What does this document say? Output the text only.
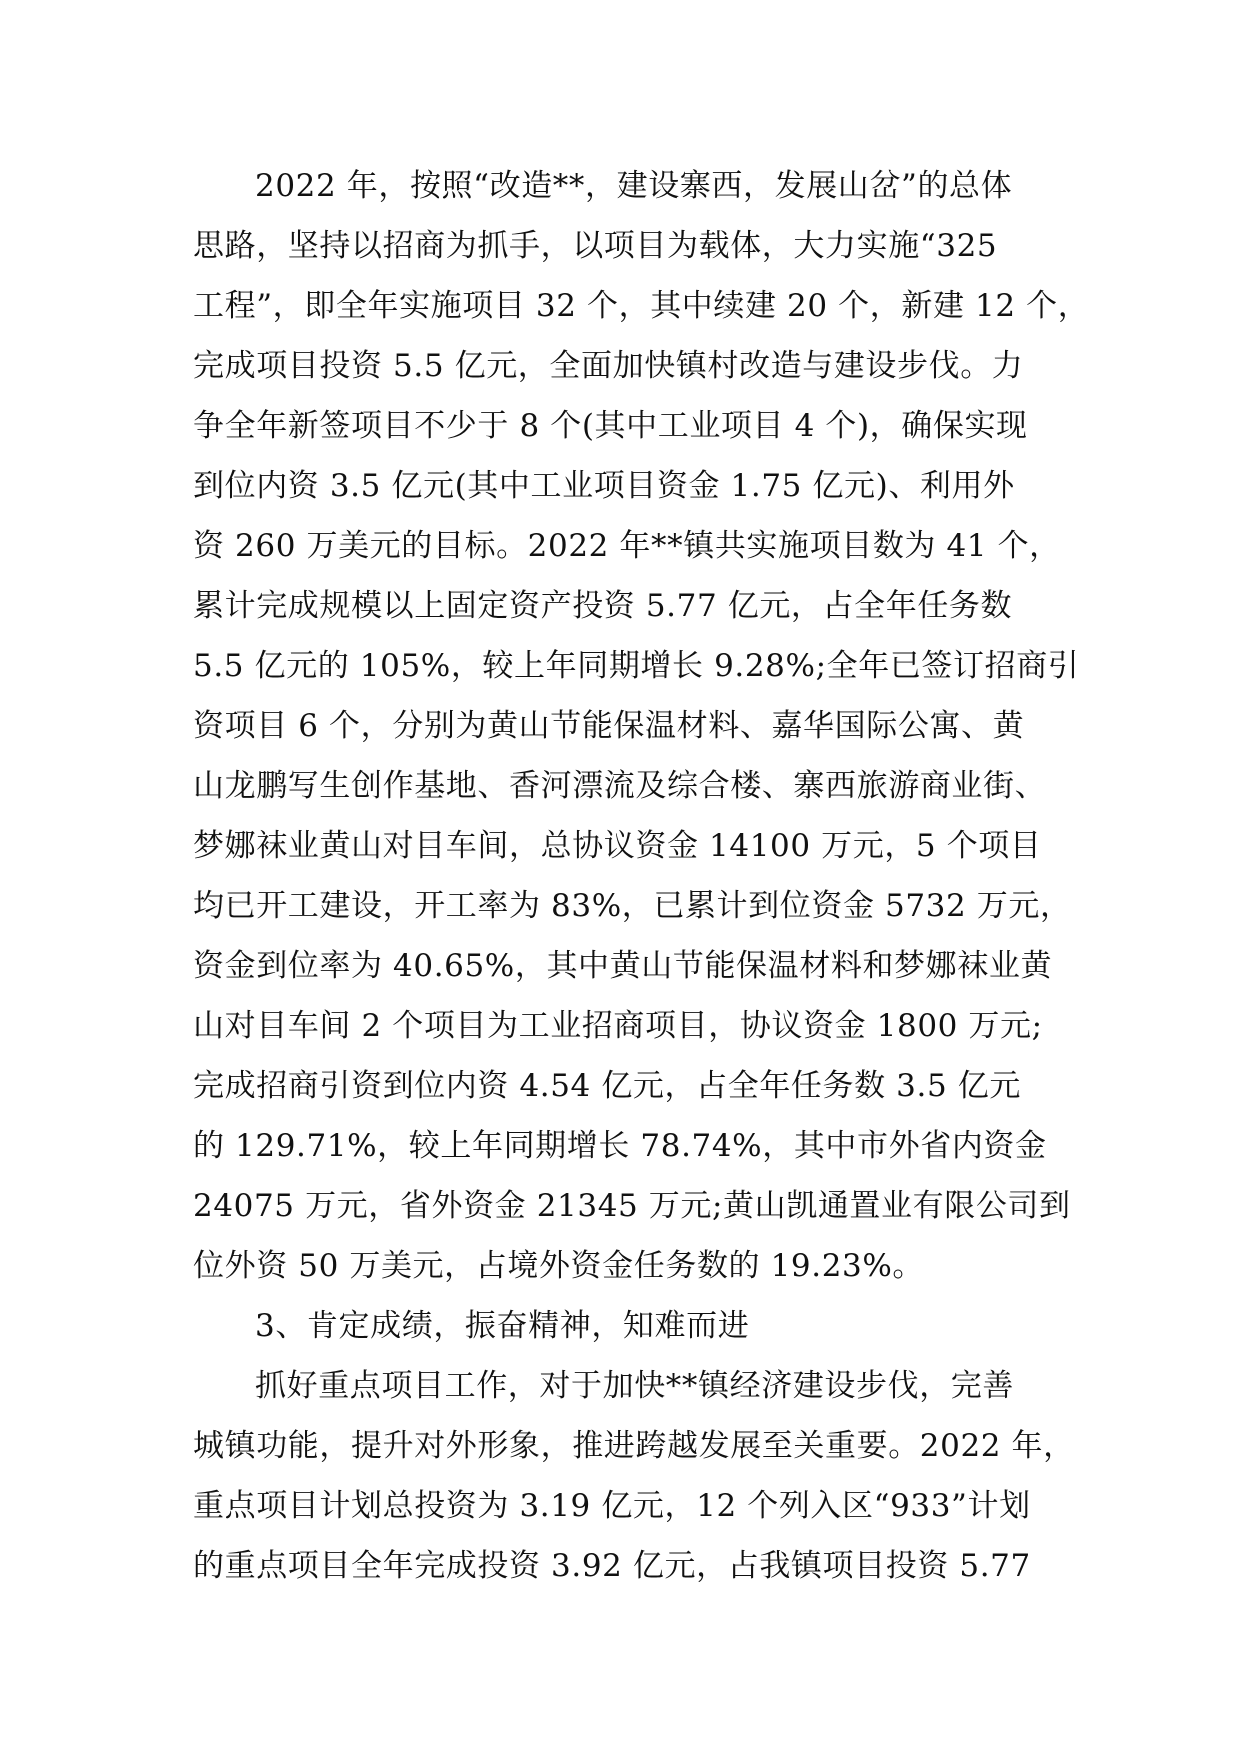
2022 年，按照“改造**，建设寨西，发展山岔”的总体
思路，坚持以招商为抓手，以项目为载体，大力实施“325
工程”，即全年实施项目 32 个，其中续建 20 个，新建 12 个，
完成项目投资 5.5 亿元，全面加快镇村改造与建设步伐。力
争全年新签项目不少于 8 个(其中工业项目 4 个)，确保实现
到位内资 3.5 亿元(其中工业项目资金 1.75 亿元)、利用外
资 260 万美元的目标。2022 年**镇共实施项目数为 41 个，
累计完成规模以上固定资产投资 5.77 亿元，占全年任务数
5.5 亿元的 105%，较上年同期增长 9.28%;全年已签订招商引
资项目 6 个，分别为黄山节能保温材料、嘉华国际公寓、黄
山龙鹏写生创作基地、香河漂流及综合楼、寨西旅游商业街、
梦娜袜业黄山对目车间，总协议资金 14100 万元，5 个项目
均已开工建设，开工率为 83%，已累计到位资金 5732 万元，
资金到位率为 40.65%，其中黄山节能保温材料和梦娜袜业黄
山对目车间 2 个项目为工业招商项目，协议资金 1800 万元;
完成招商引资到位内资 4.54 亿元，占全年任务数 3.5 亿元
的 129.71%，较上年同期增长 78.74%，其中市外省内资金
24075 万元，省外资金 21345 万元;黄山凯通置业有限公司到
位外资 50 万美元，占境外资金任务数的 19.23%。
3、肯定成绩，振奋精神，知难而进
抓好重点项目工作，对于加快**镇经济建设步伐，完善
城镇功能，提升对外形象，推进跨越发展至关重要。2022 年，
重点项目计划总投资为 3.19 亿元，12 个列入区“933”计划
的重点项目全年完成投资 3.92 亿元，占我镇项目投资 5.77
